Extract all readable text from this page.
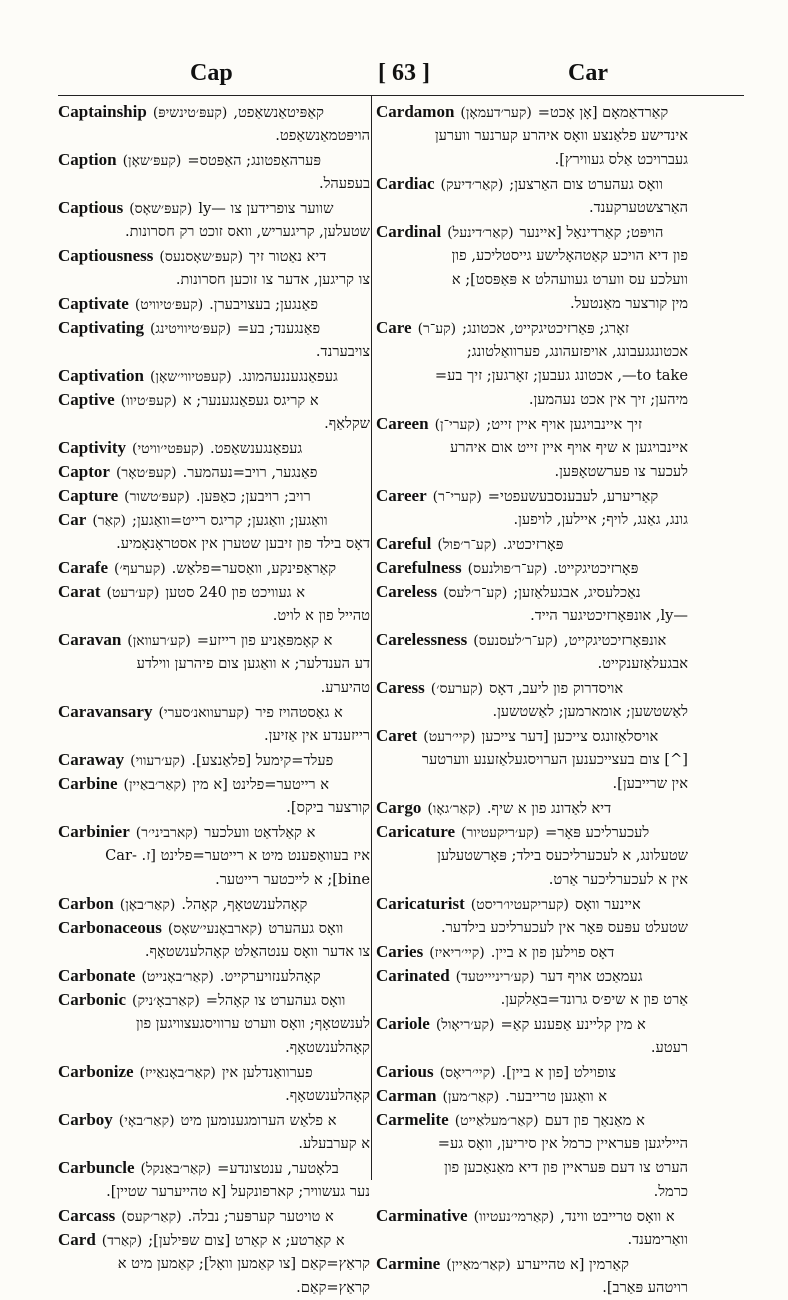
Cap	[ 63 ]	Car
Captainship (קעפּ׳טינשיפּ) קאַפּיטאַנשאַפט,
הויפּטמאַנשאַפט.
Caption (קעפּ׳שאָן) פּערהאַפטונג; האַפּטס=
בעפעהל.
Captious (קעפּ׳שאָס) שווער צופרידען צו —ly
שטעלען, קריגעריש, וואס זוכט רק חסרונות.
Captiousness (קעפּ׳שאָסנעס) דיא נאַטור זיך
צו קריגען, אדער צו זוכען חסרונות.
Captivate (קעפּ׳טיוויט) פאַנגען; בעצויבערן.
Captivating (קעפּ׳טיוויטינג) פאַנגענד; בע=
צויבערנד.
Captivation (קעפּטיווי׳שאָן) געפאַנגעננעהמונג.
Captive (קעפּ׳טיוו) א קריגס געפאַנגענער; א
שקלאַף.
Captivity (קעפּטי׳וויטי) געפאַנגענשאַפט.
Captor (קעפּ׳טאָר) פאַנגער, רויב=נעהמער.
Capture (קעפּ׳טשור) רויב; רויבען; כאַפּען.
Car (קאַר) וואַגען; וואַגען; קריגס רייט=וואַגען;
דאָס בילד פון זיבען שטערן אין אסטראָנאָמיע.
Carafe (קערעף׳) קאַראַפינקע, וואַסער=פלאַש.
Carat (קע׳רעט) א געוויכט פון 240 סטען
טהייל פון א לויט.
Caravan (קע׳רעוואן) א קאָמפּאַניע פון רייזע=
דע הענדלער; א וואַגען צום פיהרען ווילדע
טהיערע.
Caravansary (קערעוואנ׳סערי) א גאַסטהויז פיר
רייזענדע אין אַזיען.
Caraway (קע׳רעווי) פעלד=קימעל [פלאַנצע].
Carbine (קאַר׳באַיין) א רייטער=פלינט [א מין
קורצער ביקס].
Carbinier (קארביני׳ר) א קאַלדאַט וועלכער
איז בעוואַפענט מיט א רייטער=פלינט [ז. -Car
bine]; א לייכטער רייטער.
Carbon (קאַר׳באָן) קאָהלענשטאָף, קאָהל.
Carbonaceous (קארבאָנעי׳שאָס) וואָס געהערט
צו אדער וואָס ענטהאַלט קאָהלענשטאָף.
Carbonate (קאַר׳באָנייט) קאָהלענזויערקייט.
Carbonic (קאַרבאָ׳ניק) וואָס געהערט צו קאָהל=
לענשטאָף; וואָס ווערט ערוויסגעצוויגען פון
קאָהלענשטאָף.
Carbonize (קאַר׳באָנאַייז) פערוואַנדלען אין
קאָהלענשטאָף.
Carboy (קאַר׳באָי) א פלאַש הערומגענומען מיט
א קערבעלע.
Carbuncle (קאַר׳באַנקל) בלאָטער, ענטצונדע=
נער געשוויר; קארפונקעל [א טהייערער שטיין].
Carcass (קאַר׳קעס) א טויטער קערפּער; נבלה.
Card (קאַרד) א קאַרטע; א קאַרט [צום שפּילען];
קראַץ=קאַם [צו קאַמען וואָל]; קאַמען מיט א
קראַץ=קאַם.
Cardamon (קער׳דעמאָן) קאַרדאַמאָם [אָן אָכט=
אינדישע פלאַנצע וואָס איהרע קערנער ווערען
געברויכט אַלס געווירץ].
Cardiac (קאַר׳דיעק) וואָס געהערט צום האַרצען;
האַרצשטערקענד.
Cardinal (קאַר׳דינעל) הויפּט; קאַרדינאַל [איינער
פון דיא הויכע קאַטהאָלישע גייסטליכע, פון
וועלכע עס ווערט געוועהלט א פּאַפּסט]; א
מין קורצער מאַנטעל.
Care (קע־ר) זאָרג; פּאַרזיכטיגקייט, אכטונג;
אכטונגגעבונג, אויפזעהונג, פערוואַלטונג;
to take—, אכטונג געבען; זאָרגען; זיך בע=
מיהען; זיך אין אכט נעהמען.
Careen (קערי־ן) זיך איינבויגען אויף איין זייט;
איינבויגען א שיף אויף איין זייט אום איהרע
לעכער צו פערשטאָפּען.
Career (קערי־ר) קאַריערע, לעבענסבעשעפטי=
גונג, גאַנג, לויף; איילען, לויפען.
Careful (קע־ר׳פול) פּאָרזיכטיג.
Carefulness (קע־ר׳פולנעס) פּאָרזיכטיגקייט.
Careless (קע־ר׳לעס) נאַכלעסיג, אבגעלאַזען;
—ly, אונפּאָרזיכטיגער הייד.
Carelessness (קע־ר׳לעסנעס) אונפּאָרזיכטיגקייט,
אבגעלאַזענקייט.
Caress (קערעס׳) אויסדרוק פון ליעב, דאָס
לאַשטשען; אומארמען; לאַשטשען.
Caret (קיי׳רעט) אויסלאַזונגס צייכען [דער צייכען
[^] צום בעצייכענען הערויסגעלאַזענע ווערטער
אין שרייבען].
Cargo (קאַר׳גאָו) דיא לאַדונג פון א שיף.
Caricature (קע׳ריקעטיור) לעכערליכע פּאָר=
שטעלונג, א לעכערליכעס בילד; פּאָרשטעלען
אין א לעכערליכער אַרט.
Caricaturist (קעריקעטיו׳ריסט) איינער וואָס
שטעלט עפּעס פּאָר אין לעכערליכע בילדער.
Caries (קיי׳ריאיז) דאָס פוילען פון א ביין.
Carinated (קע׳ריניייטעד) געמאַכט אויף דער
אַרט פון א שיפ׳ס גרונד=באַלקען.
Cariole (קע׳ריאָול) א מין קליינע אַפענע קאַ=
רעטע.
Carious (קיי׳ריאָס) צופוילט [פון א ביין].
Carman (קאַר׳מען) א וואַגען טרייבער.
Carmelite (קאַר׳מעלאַייט) א מאַנאַך פון דעם
הייליגען פּעראיין כרמל אין סיריען, וואָס גע=
הערט צו דעם פּעראיין פון דיא מאַנאַכען פון
כרמל.
Carminative (קאַרמי׳נעטיוו) א וואָס טרייבט ווינד,
וואַרימענד.
Carmine (קאַר׳מאַיין) קאַרמין [א טהייערע
רויטהע פּאַרב].
